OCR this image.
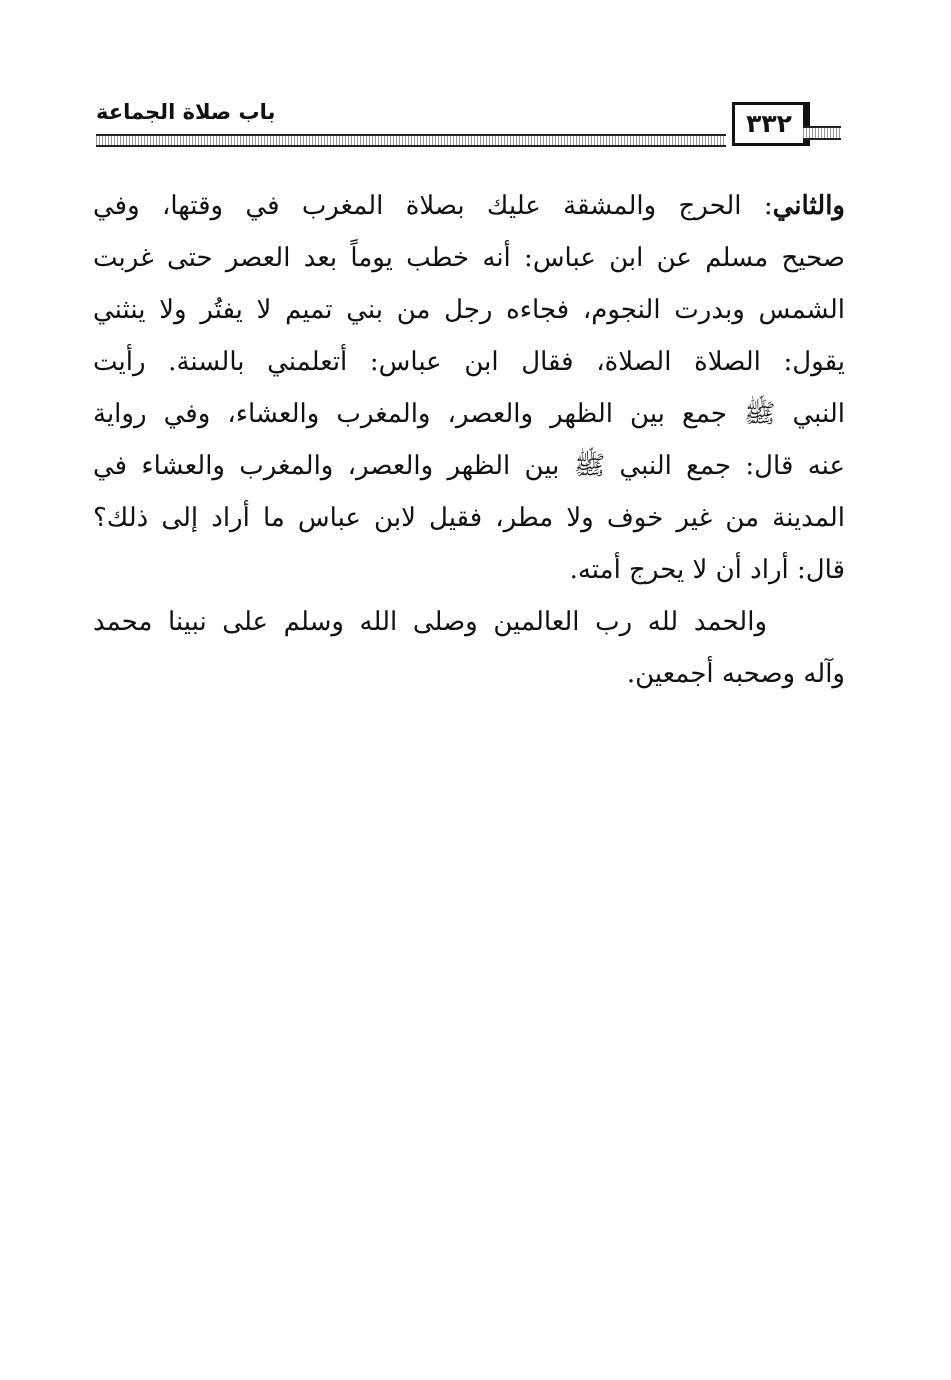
باب صلاة الجماعة	٣٣٢

والثاني: الحرج والمشقة عليك بصلاة المغرب في وقتها، وفي
صحيح مسلم عن ابن عباس: أنه خطب يوماً بعد العصر حتى غربت
الشمس وبدرت النجوم، فجاءه رجل من بني تميم لا يفتُر ولا ينثني
يقول: الصلاة الصلاة، فقال ابن عباس: أتعلمني بالسنة. رأيت
النبي ﷺ جمع بين الظهر والعصر، والمغرب والعشاء، وفي رواية
عنه قال: جمع النبي ﷺ بين الظهر والعصر، والمغرب والعشاء في
المدينة من غير خوف ولا مطر، فقيل لابن عباس ما أراد إلى ذلك؟
قال: أراد أن لا يحرج أمته.

والحمد لله رب العالمين وصلى الله وسلم على نبينا محمد
وآله وصحبه أجمعين.
